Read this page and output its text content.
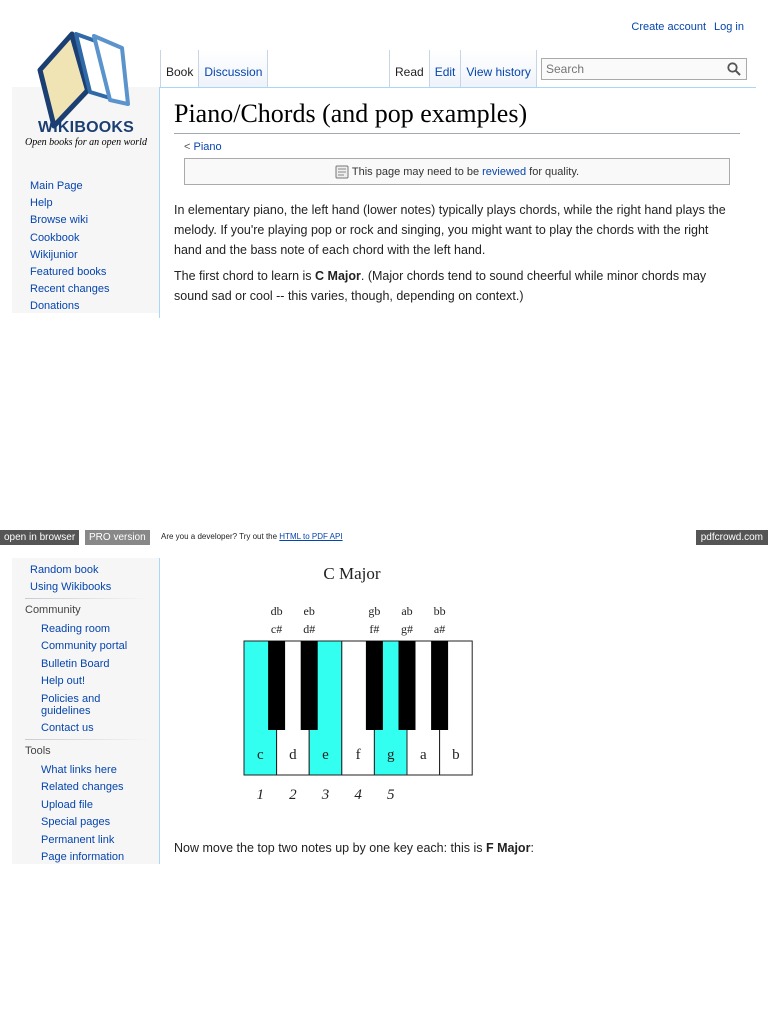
WIKIBOOKS
Open books for an open world
Create account Log in
Book Discussion	Read Edit View history
Search
Piano/Chords (and pop examples)
< Piano
This page may need to be reviewed for quality.
In elementary piano, the left hand (lower notes) typically plays chords, while the right hand plays the melody. If you're playing pop or rock and singing, you might want to play the chords with the right hand and the bass note of each chord with the left hand.
The first chord to learn is C Major. (Major chords tend to sound cheerful while minor chords may sound sad or cool -- this varies, though, depending on context.)
Main Page
Help
Browse wiki
Cookbook
Wikijunior
Featured books
Recent changes
Donations
open in browser	PRO version	Are you a developer? Try out the HTML to PDF API	pdfcrowd.com
Random book
Using Wikibooks
Community
Reading room
Community portal
Bulletin Board
Help out!
Policies and guidelines
Contact us
Tools
What links here
Related changes
Upload file
Special pages
Permanent link
Page information
C Major
c d e f g a b
db
c#
eb
d#
gb
f#
ab
g#
bb
a#
1 2 3 4 5
Now move the top two notes up by one key each: this is F Major:
